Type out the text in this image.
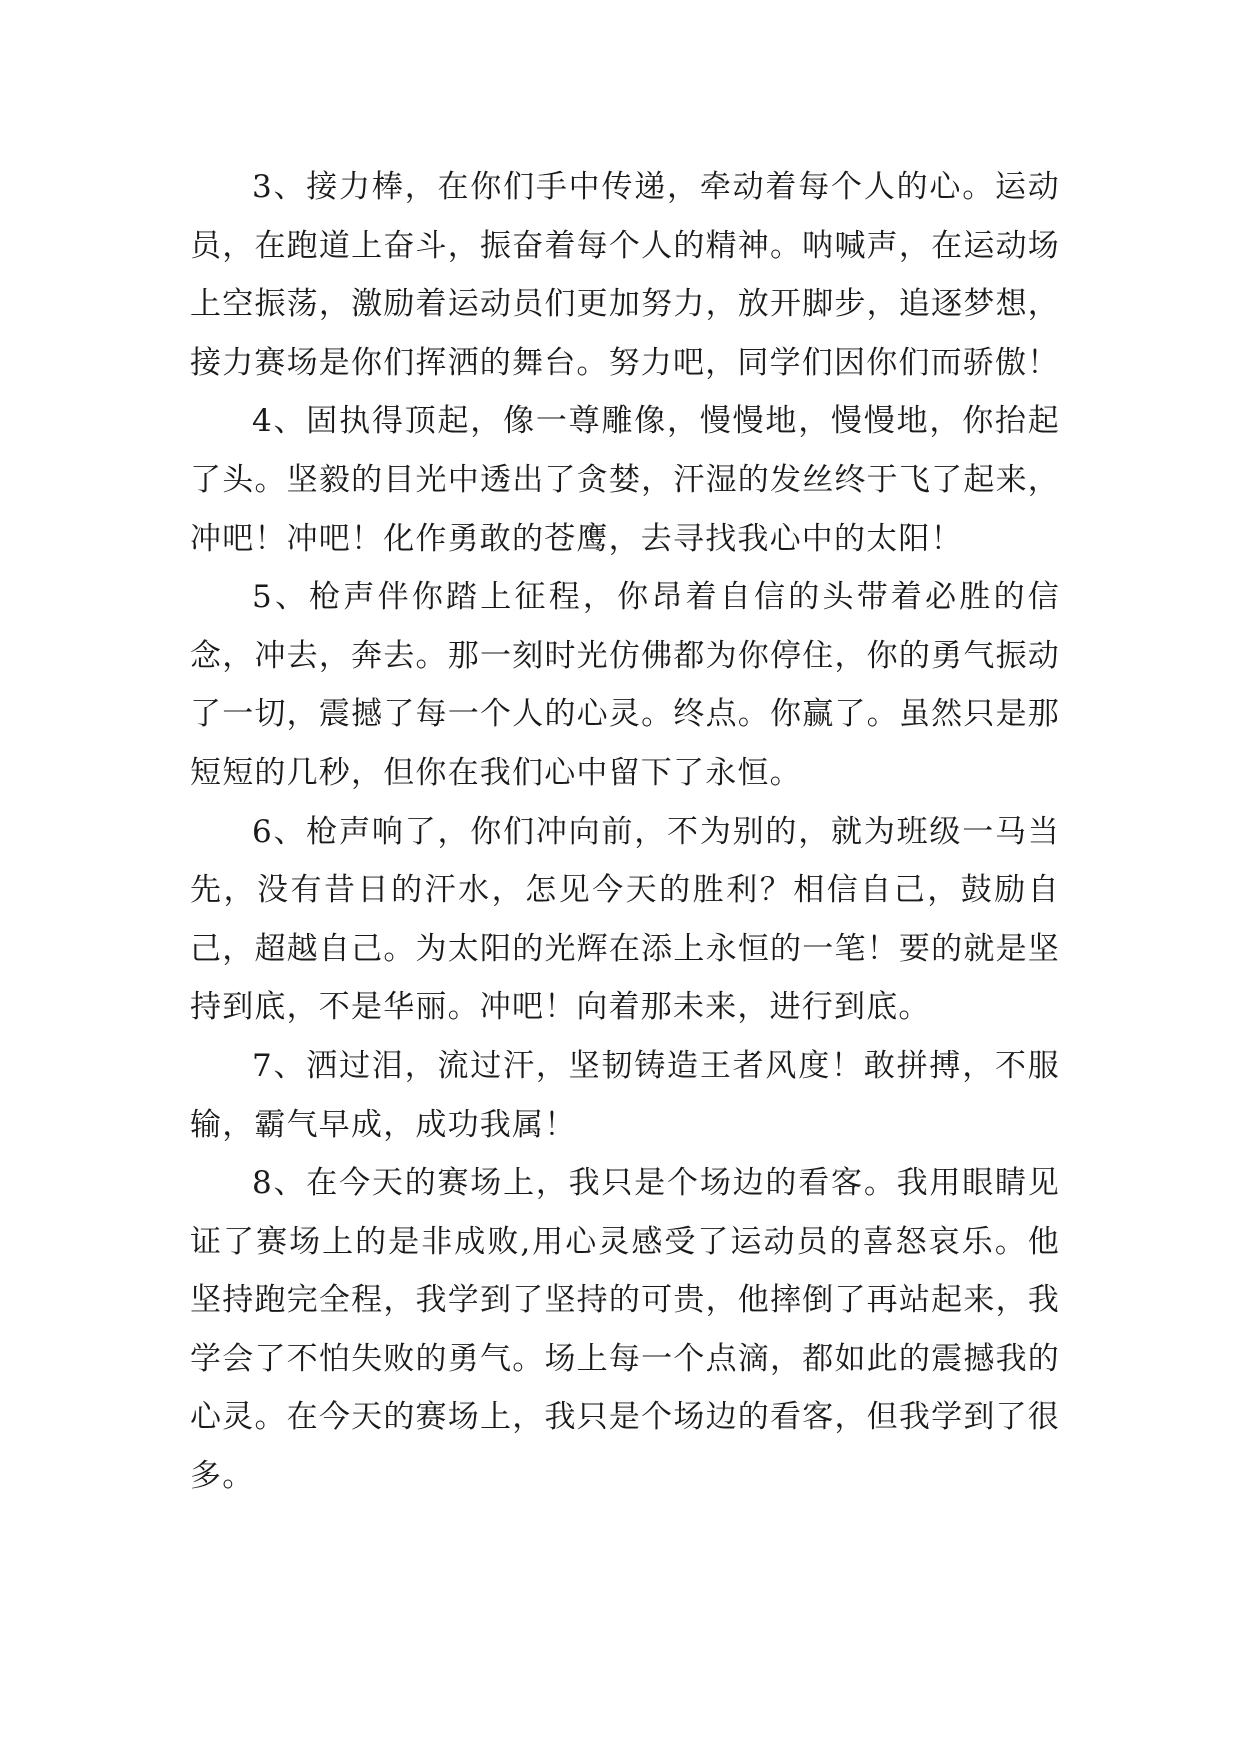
3、接力棒，在你们手中传递，牵动着每个人的心。运动员，在跑道上奋斗，振奋着每个人的精神。呐喊声，在运动场上空振荡，激励着运动员们更加努力，放开脚步，追逐梦想，接力赛场是你们挥洒的舞台。努力吧，同学们因你们而骄傲！

4、固执得顶起，像一尊雕像，慢慢地，慢慢地，你抬起了头。坚毅的目光中透出了贪婪，汗湿的发丝终于飞了起来，冲吧！冲吧！化作勇敢的苍鹰，去寻找我心中的太阳！

5、枪声伴你踏上征程，你昂着自信的头带着必胜的信念，冲去，奔去。那一刻时光仿佛都为你停住，你的勇气振动了一切，震撼了每一个人的心灵。终点。你赢了。虽然只是那短短的几秒，但你在我们心中留下了永恒。

6、枪声响了，你们冲向前，不为别的，就为班级一马当先，没有昔日的汗水，怎见今天的胜利？相信自己，鼓励自己，超越自己。为太阳的光辉在添上永恒的一笔！要的就是坚持到底，不是华丽。冲吧！向着那未来，进行到底。

7、洒过泪，流过汗，坚韧铸造王者风度！敢拼搏，不服输，霸气早成，成功我属！

8、在今天的赛场上，我只是个场边的看客。我用眼睛见证了赛场上的是非成败,用心灵感受了运动员的喜怒哀乐。他坚持跑完全程，我学到了坚持的可贵，他摔倒了再站起来，我学会了不怕失败的勇气。场上每一个点滴，都如此的震撼我的心灵。在今天的赛场上，我只是个场边的看客，但我学到了很多。
